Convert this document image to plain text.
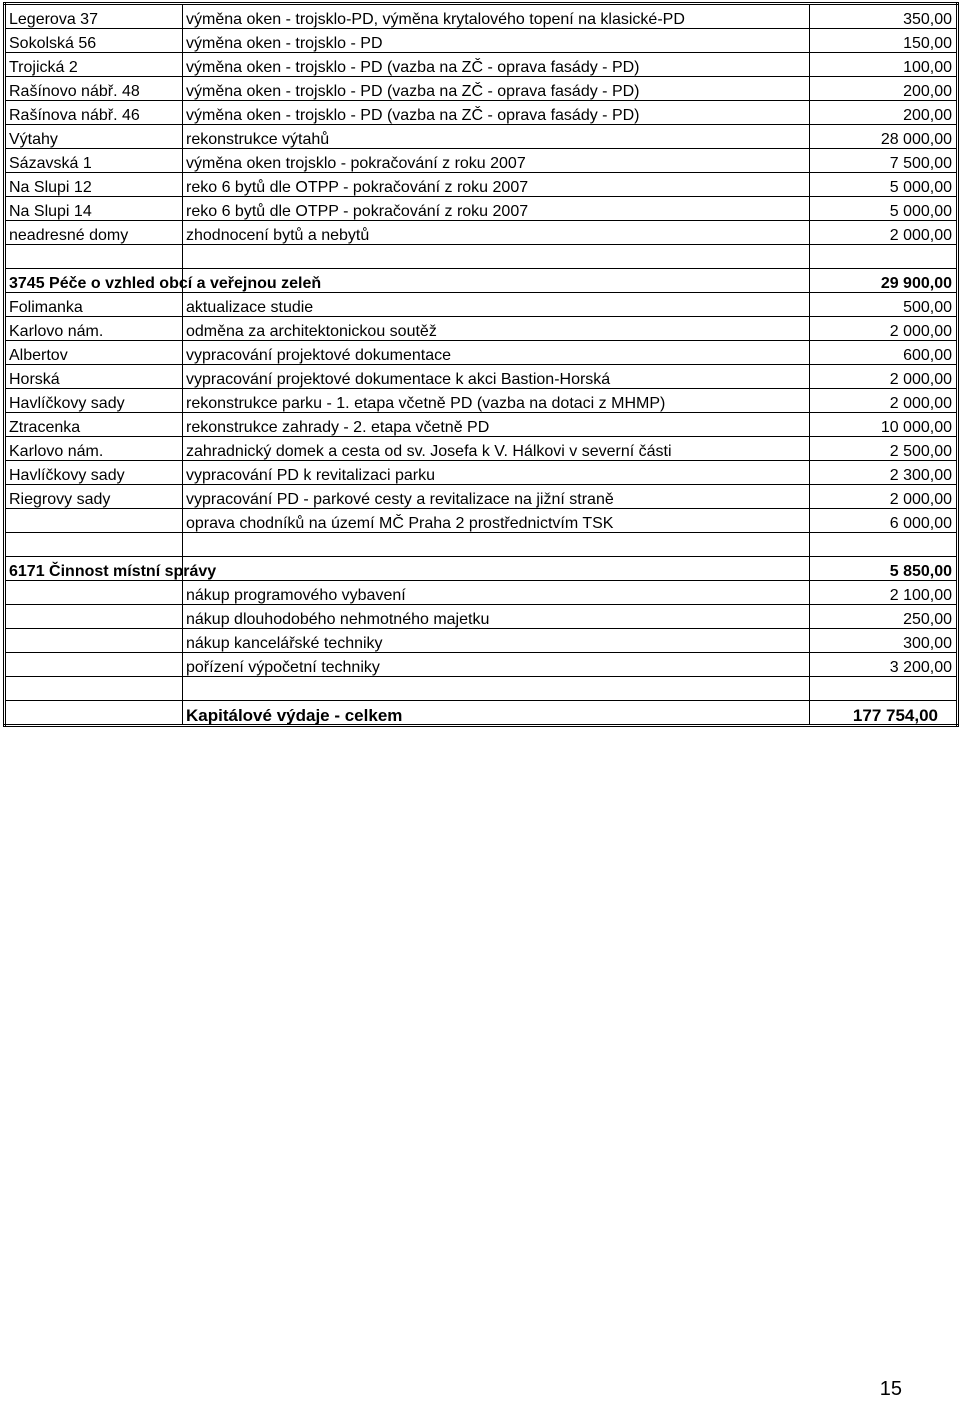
Legerova 37	výměna oken - trojsklo-PD, výměna krytalového topení na klasické-PD	350,00
Sokolská 56	výměna oken - trojsklo - PD	150,00
Trojická 2	výměna oken - trojsklo - PD (vazba na ZČ - oprava fasády - PD)	100,00
Rašínovo nábř. 48	výměna oken - trojsklo - PD (vazba na ZČ - oprava fasády - PD)	200,00
Rašínova nábř. 46	výměna oken - trojsklo - PD (vazba na ZČ - oprava fasády - PD)	200,00
Výtahy	rekonstrukce výtahů	28 000,00
Sázavská 1	výměna oken trojsklo - pokračování z roku 2007	7 500,00
Na Slupi 12	reko 6 bytů dle OTPP - pokračování z roku 2007	5 000,00
Na Slupi 14	reko 6 bytů dle OTPP - pokračování z roku 2007	5 000,00
neadresné domy	zhodnocení bytů a nebytů	2 000,00

3745 Péče o vzhled obcí a veřejnou zeleň		29 900,00
Folimanka	aktualizace studie	500,00
Karlovo nám.	odměna za architektonickou soutěž	2 000,00
Albertov	vypracování projektové dokumentace	600,00
Horská	vypracování projektové dokumentace k akci Bastion-Horská	2 000,00
Havlíčkovy sady	rekonstrukce parku - 1. etapa včetně PD (vazba na dotaci z MHMP)	2 000,00
Ztracenka	rekonstrukce zahrady - 2. etapa včetně PD	10 000,00
Karlovo nám.	zahradnický domek a cesta od sv. Josefa k V. Hálkovi v severní části	2 500,00
Havlíčkovy sady	vypracování PD k revitalizaci parku	2 300,00
Riegrovy sady	vypracování PD - parkové cesty a revitalizace na jižní straně	2 000,00
	oprava chodníků na území MČ Praha 2 prostřednictvím TSK	6 000,00

6171 Činnost místní správy		5 850,00
	nákup programového vybavení	2 100,00
	nákup dlouhodobého nehmotného majetku	250,00
	nákup kancelářské techniky	300,00
	pořízení výpočetní techniky	3 200,00

	Kapitálové výdaje - celkem	177 754,00
15
